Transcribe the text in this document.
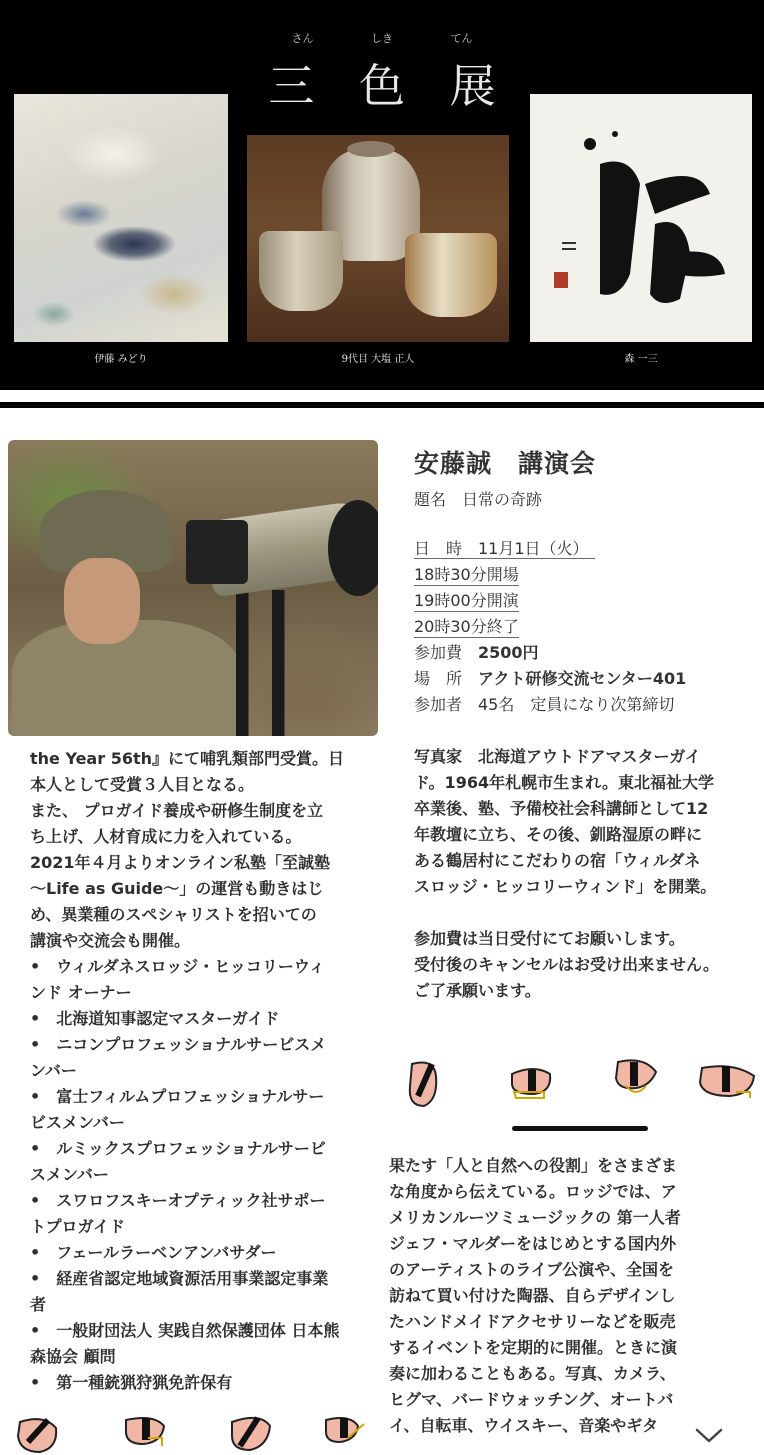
さん	しき	てん
三 色 展
伊藤 みどり	9代目 大塩 正人	森 一三
安藤誠　講演会
題名　日常の奇跡
日　時　11月1日（火）
18時30分開場
19時00分開演
20時30分終了
参加費　2500円
場　所　アクト研修交流センター401
参加者　45名　定員になり次第締切
写真家　北海道アウトドアマスターガイ
ド。1964年札幌市生まれ。東北福祉大学
卒業後、塾、予備校社会科講師として12
年教壇に立ち、その後、釧路湿原の畔に
ある鶴居村にこだわりの宿「ウィルダネ
スロッジ・ヒッコリーウィンド」を開業。
参加費は当日受付にてお願いします。
受付後のキャンセルはお受け出来ません。
ご了承願います。
the Year 56th』にて哺乳類部門受賞。日
本人として受賞３人目となる。
また、 プロガイド養成や研修生制度を立
ち上げ、人材育成に力を入れている。
2021年４月よりオンライン私塾「至誠塾
〜Life as Guide〜」の運営も動きはじ
め、異業種のスペシャリストを招いての
講演や交流会も開催。
•　ウィルダネスロッジ・ヒッコリーウィ
ンド オーナー
•　北海道知事認定マスターガイド
•　ニコンプロフェッショナルサービスメ
ンバー
•　富士フィルムプロフェッショナルサー
ビスメンバー
•　ルミックスプロフェッショナルサービ
スメンバー
•　スワロフスキーオプティック社サポー
トプロガイド
•　フェールラーベンアンバサダー
•　経産省認定地域資源活用事業認定事業
者
•　一般財団法人 実践自然保護団体 日本熊
森協会 顧問
•　第一種銃猟狩猟免許保有
果たす「人と自然への役割」をさまざま
な角度から伝えている。ロッジでは、ア
メリカンルーツミュージックの 第一人者
ジェフ・マルダーをはじめとする国内外
のアーティストのライブ公演や、全国を
訪ねて買い付けた陶器、自らデザインし
たハンドメイドアクセサリーなどを販売
するイベントを定期的に開催。ときに演
奏に加わることもある。写真、カメラ、
ヒグマ、バードウォッチング、オートバ
イ、自転車、ウイスキー、音楽やギタ
